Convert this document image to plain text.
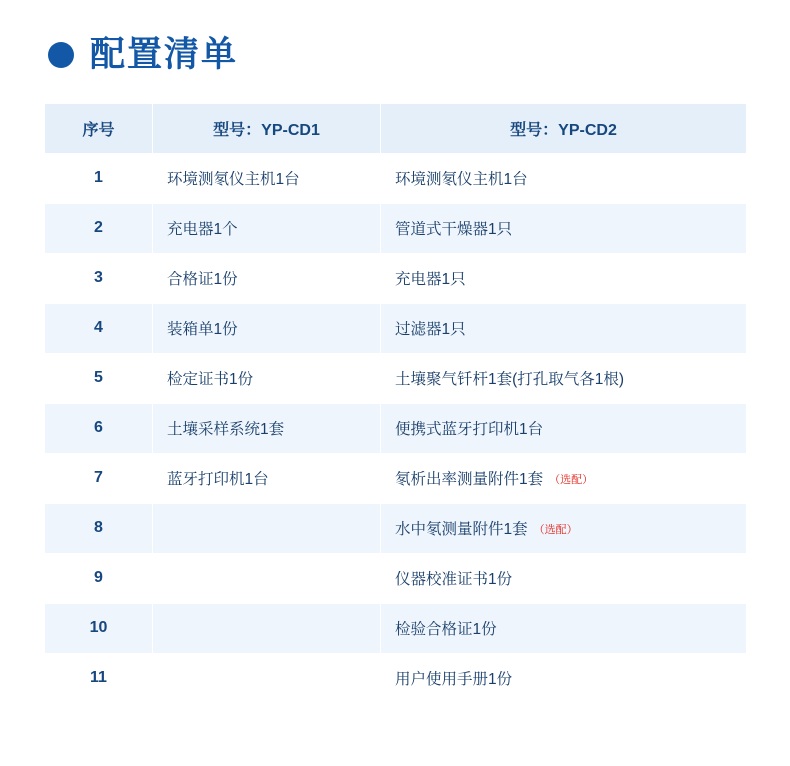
配置清单
序号	型号：YP-CD1	型号：YP-CD2
1	环境测氡仪主机1台	环境测氡仪主机1台
2	充电器1个	管道式干燥器1只
3	合格证1份	充电器1只
4	装箱单1份	过滤器1只
5	检定证书1份	土壤聚气钎杆1套(打孔取气各1根)
6	土壤采样系统1套	便携式蓝牙打印机1台
7	蓝牙打印机1台	氡析出率测量附件1套 （选配）
8		水中氡测量附件1套 （选配）
9		仪器校准证书1份
10		检验合格证1份
11		用户使用手册1份
